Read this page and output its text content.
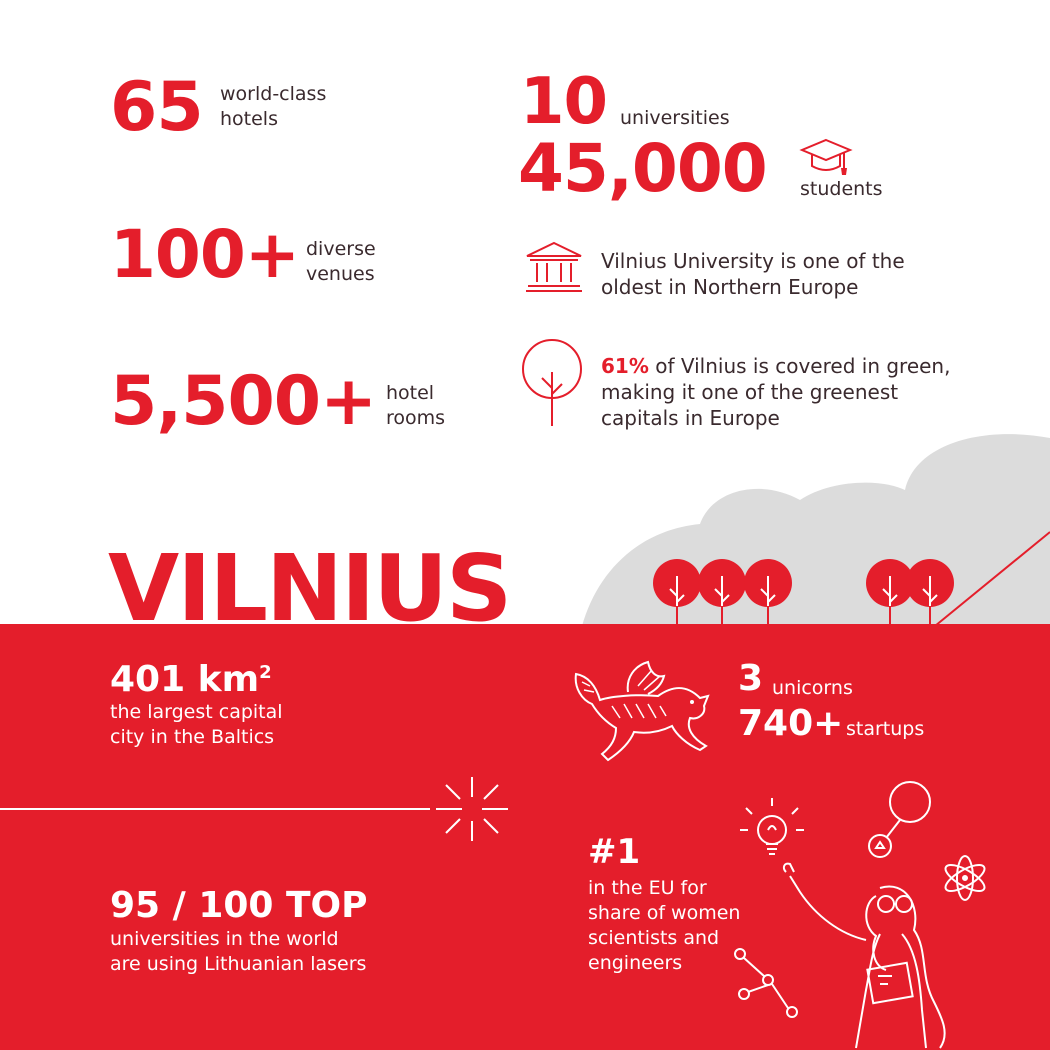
65 world-class
hotels
100+ diverse
venues
5,500+ hotel
rooms
10 universities
45,000 students
Vilnius University is one of the
oldest in Northern Europe
61% of Vilnius is covered in green,
making it one of the greenest
capitals in Europe
VILNIUS
401 $km^2$
the largest capital
city in the Baltics
3 unicorns
740+ startups
#1
in the EU for
share of women
scientists and
engineers
95 / 100 TOP
universities in the world
are using Lithuanian lasers
